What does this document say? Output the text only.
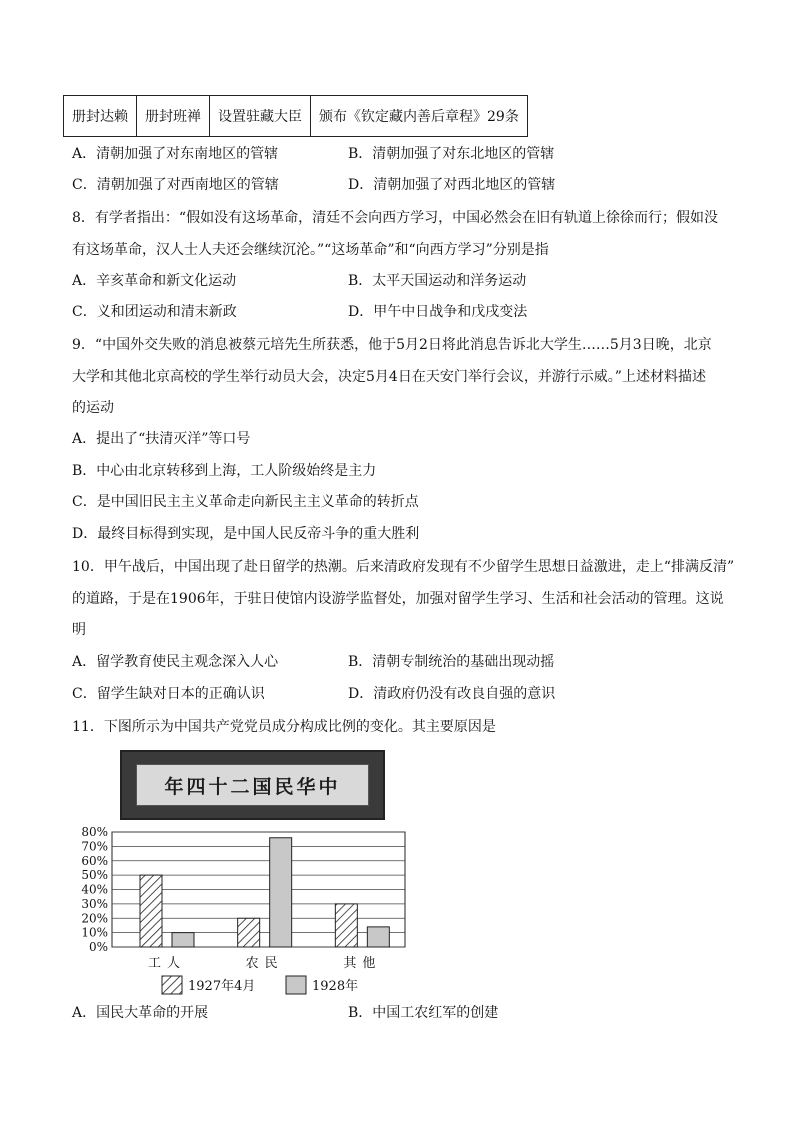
册封达赖	册封班禅	设置驻藏大臣	颁布《钦定藏内善后章程》29条
A．清朝加强了对东南地区的管辖	B．清朝加强了对东北地区的管辖
C．清朝加强了对西南地区的管辖	D．清朝加强了对西北地区的管辖
8．有学者指出：“假如没有这场革命，清廷不会向西方学习，中国必然会在旧有轨道上徐徐而行；假如没
有这场革命，汉人士人夫还会继续沉沦。”“这场革命”和“向西方学习”分别是指
A．辛亥革命和新文化运动	B．太平天国运动和洋务运动
C．义和团运动和清末新政	D．甲午中日战争和戊戌变法
9．“中国外交失败的消息被蔡元培先生所获悉，他于5月2日将此消息告诉北大学生……5月3日晚，北京
大学和其他北京高校的学生举行动员大会，决定5月4日在天安门举行会议，并游行示威。”上述材料描述
的运动
A．提出了“扶清灭洋”等口号
B．中心由北京转移到上海，工人阶级始终是主力
C．是中国旧民主主义革命走向新民主主义革命的转折点
D．最终目标得到实现，是中国人民反帝斗争的重大胜利
10．甲午战后，中国出现了赴日留学的热潮。后来清政府发现有不少留学生思想日益激进，走上“排满反清”
的道路，于是在1906年，于驻日使馆内设游学监督处，加强对留学生学习、生活和社会活动的管理。这说
明
A．留学教育使民主观念深入人心	B．清朝专制统治的基础出现动摇
C．留学生缺对日本的正确认识	D．清政府仍没有改良自强的意识
11．下图所示为中国共产党党员成分构成比例的变化。其主要原因是
年四十二国民华中
0%
10%
20%
30%
40%
50%
60%
70%
80%
工人	农民	其他
1927年4月	1928年
A．国民大革命的开展	B．中国工农红军的创建
